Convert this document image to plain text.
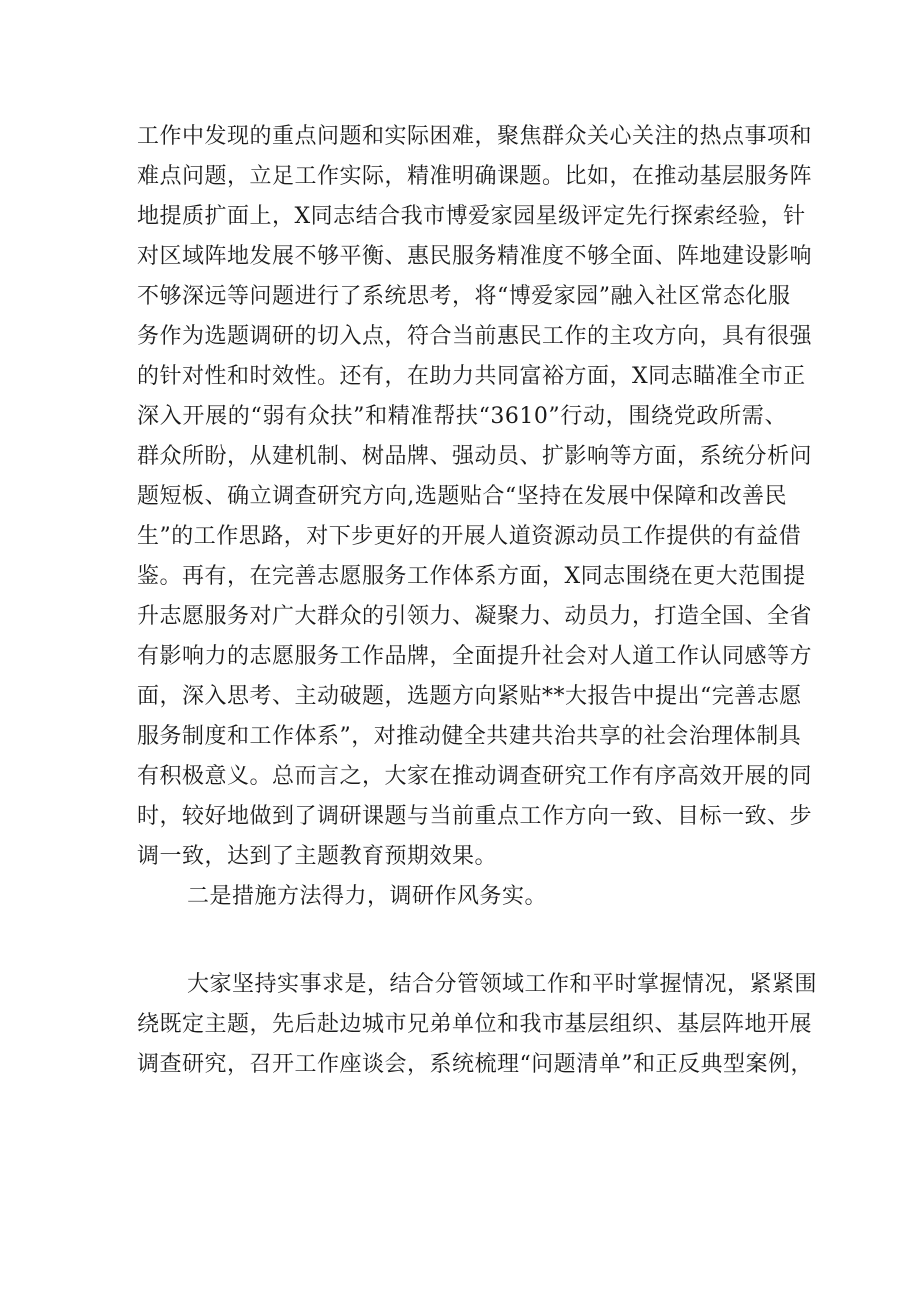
工作中发现的重点问题和实际困难，聚焦群众关心关注的热点事项和
难点问题，立足工作实际，精准明确课题。比如，在推动基层服务阵
地提质扩面上，X同志结合我市博爱家园星级评定先行探索经验，针
对区域阵地发展不够平衡、惠民服务精准度不够全面、阵地建设影响
不够深远等问题进行了系统思考，将“博爱家园”融入社区常态化服
务作为选题调研的切入点，符合当前惠民工作的主攻方向，具有很强
的针对性和时效性。还有，在助力共同富裕方面，X同志瞄准全市正
深入开展的“弱有众扶”和精准帮扶“3610”行动，围绕党政所需、
群众所盼，从建机制、树品牌、强动员、扩影响等方面，系统分析问
题短板、确立调查研究方向,选题贴合“坚持在发展中保障和改善民
生”的工作思路，对下步更好的开展人道资源动员工作提供的有益借
鉴。再有，在完善志愿服务工作体系方面，X同志围绕在更大范围提
升志愿服务对广大群众的引领力、凝聚力、动员力，打造全国、全省
有影响力的志愿服务工作品牌，全面提升社会对人道工作认同感等方
面，深入思考、主动破题，选题方向紧贴**大报告中提出“完善志愿
服务制度和工作体系”，对推动健全共建共治共享的社会治理体制具
有积极意义。总而言之，大家在推动调查研究工作有序高效开展的同
时，较好地做到了调研课题与当前重点工作方向一致、目标一致、步
调一致，达到了主题教育预期效果。
二是措施方法得力，调研作风务实。
大家坚持实事求是，结合分管领域工作和平时掌握情况，紧紧围
绕既定主题，先后赴边城市兄弟单位和我市基层组织、基层阵地开展
调查研究，召开工作座谈会，系统梳理“问题清单”和正反典型案例，
